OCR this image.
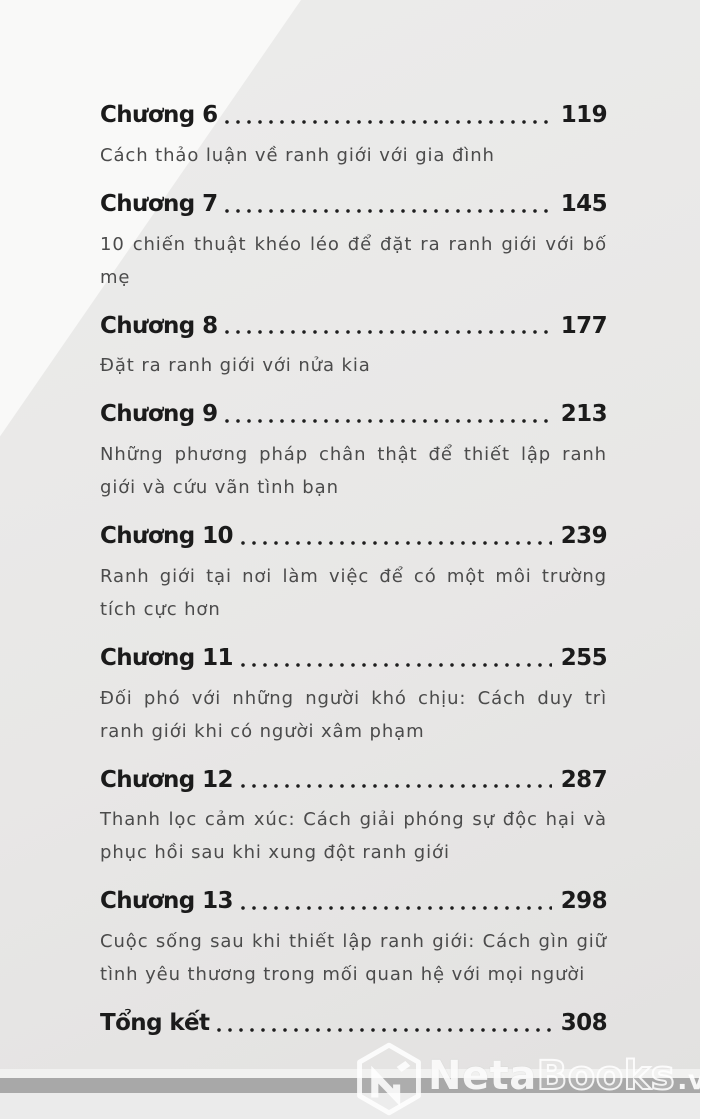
Chương 6	119

Cách thảo luận về ranh giới với gia đình

Chương 7	145

10 chiến thuật khéo léo để đặt ra ranh giới với bố mẹ

Chương 8	177

Đặt ra ranh giới với nửa kia

Chương 9	213

Những phương pháp chân thật để thiết lập ranh giới và cứu vãn tình bạn

Chương 10	239

Ranh giới tại nơi làm việc để có một môi trường tích cực hơn

Chương 11	255

Đối phó với những người khó chịu: Cách duy trì ranh giới khi có người xâm phạm

Chương 12	287

Thanh lọc cảm xúc: Cách giải phóng sự độc hại và phục hồi sau khi xung đột ranh giới

Chương 13	298

Cuộc sống sau khi thiết lập ranh giới: Cách gìn giữ tình yêu thương trong mối quan hệ với mọi người

Tổng kết	308
Neta	.vn
